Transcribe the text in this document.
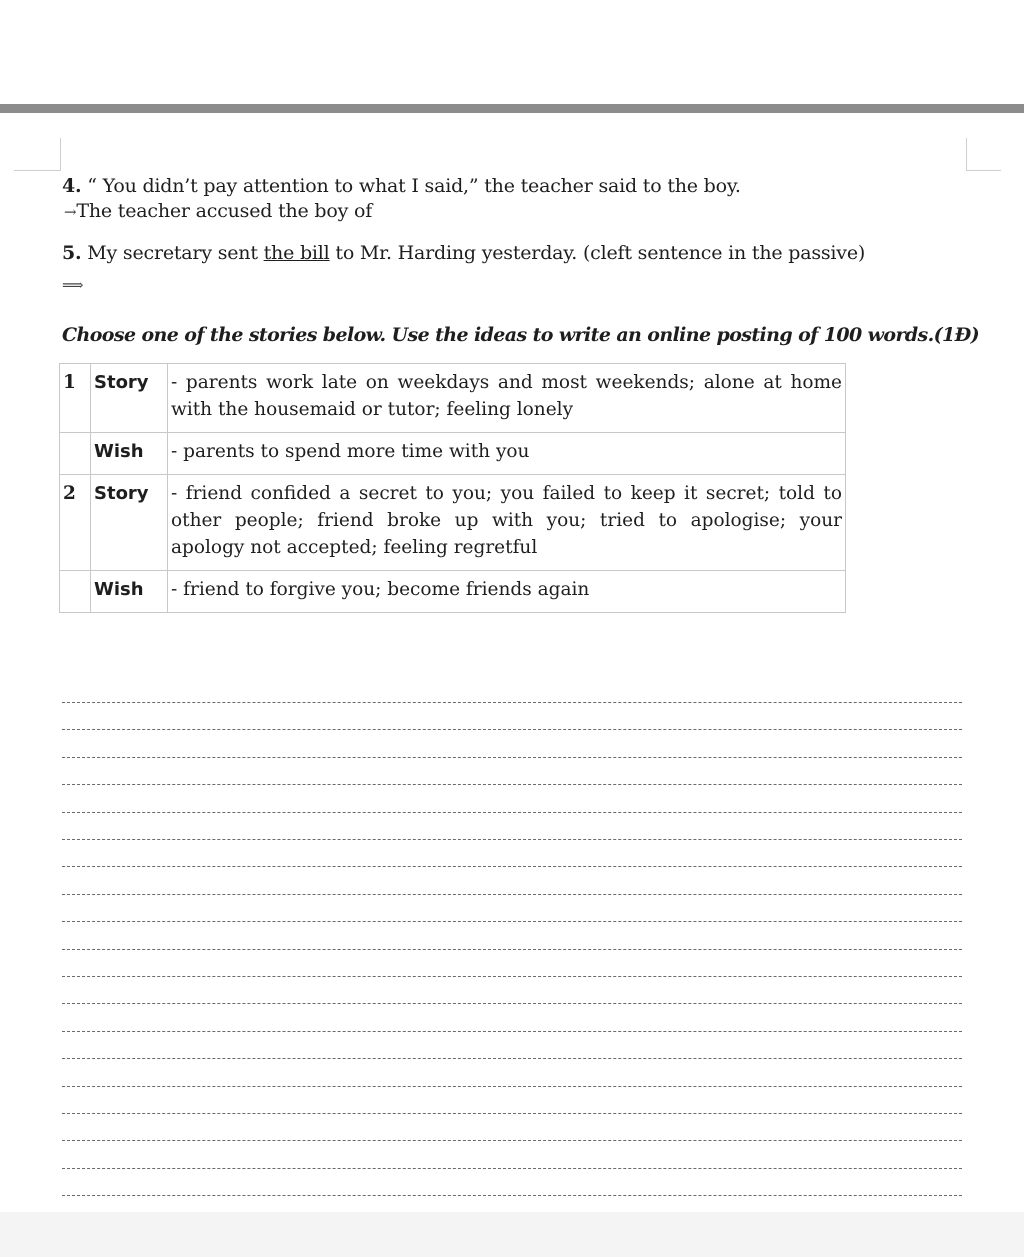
4. “ You didn’t pay attention to what I said,” the teacher said to the boy.
→The teacher accused the boy of
5. My secretary sent the bill to Mr. Harding yesterday. (cleft sentence in the passive)
⟹
Choose one of the stories below. Use the ideas to write an online posting of 100 words.(1Đ)
1	Story	- parents work late on weekdays and most weekends; alone at home with the housemaid or tutor; feeling lonely
	Wish	- parents to spend more time with you
2	Story	- friend confided a secret to you; you failed to keep it secret; told to other people; friend broke up with you; tried to apologise; your apology not accepted; feeling regretful
	Wish	- friend to forgive you; become friends again
